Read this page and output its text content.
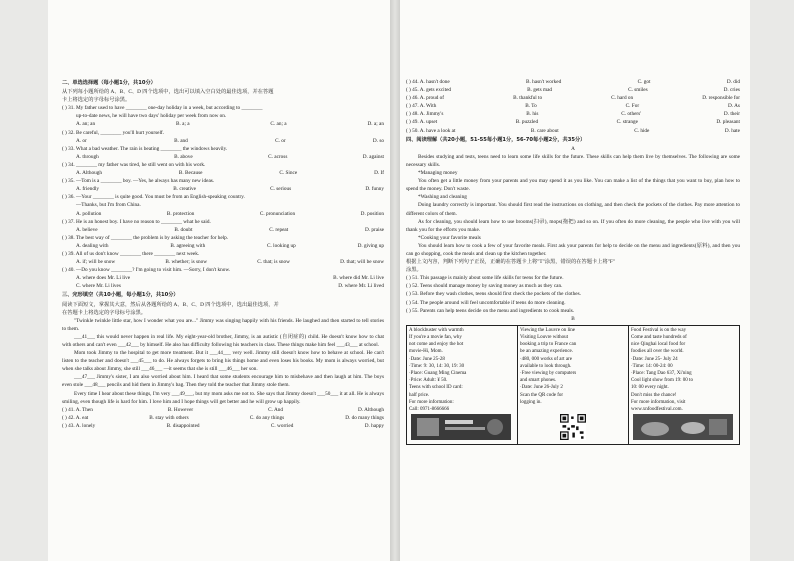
二、单选选择题（每小题1分，共10分）
从下列每小题所给的 A、B、C、D 四个选项中，选出可以填入空白处的最佳选项，并在答题
卡上将选定的字母标号涂黑。
( ) 31. My father used to have ________ one-day holiday in a week, but according to ________
up-to-date news, he will have two days' holiday per week from now on.
A. an; an	B. a; a	C. an; a	D. a; an
( ) 32. Be careful, ________ you'll hurt yourself.
A. or	B. and	C. or	D. so
( ) 33. What a bad weather. The rain is beating ________ the windows heavily.
A. through	B. above	C. across	D. against
( ) 34. ________ my father was tired, he still went on with his work.
A. Although	B. Because	C. Since	D. If
( ) 35. —Tom is a ________ boy. —Yes, he always has many new ideas.
A. friendly	B. creative	C. serious	D. funny
( ) 36. —Your ________ is quite good. You must be from an English-speaking country.
—Thanks, but I'm from China.
A. pollution	B. protection	C. pronunciation	D. position
( ) 37. He is an honest boy. I have no reason to ________ what he said.
A. believe	B. doubt	C. repeat	D. praise
( ) 38. The best way of ________ the problem is by asking the teacher for help.
A. dealing with	B. agreeing with	C. looking up	D. giving up
( ) 39. All of us don't know ________ there ________ next week.
A. if; will be snow	B. whether; is snow	C. that; is snow	D. that; will be snow
( ) 40. —Do you know ________? I'm going to visit him. —Sorry, I don't know.
A. where does Mr. Li live	B. where did Mr. Li live
C. where Mr. Li lives	D. where Mr. Li lived
三、完形填空（共10小题，每小题1分，共10分）
阅读下面短文，掌握其大意，然后从各题所给的 A、B、C、D 四个选项中，选出最佳选项，并
在答题卡上将选定的字母标号涂黑。
"Twinkle twinkle little star, how I wonder what you are..." Jimmy was singing happily with his friends. He laughed and then started to tell stories to them.
___41___ this would never happen in real life. My eight-year-old brother, Jimmy, is an autistic (自闭症的) child. He doesn't know how to chat with others and can't even ___42___ by himself. He also has difficulty following his teachers in class. These things make him feel ___43___ at school.
Mom took Jimmy to the hospital to get more treatment. But it ___44___ very well. Jimmy still doesn't know how to behave at school. He can't listen to the teacher and doesn't ___45___ to do. He always forgets to bring his things home and even loses his books. My mom is always worried, but when she talks about Jimmy, she still ___46___ —it seems that she is still ___46___ her son.
___47___ Jimmy's sister, I am also worried about him. I heard that some students encourage him to misbehave and then laugh at him. The boys even stole ___48___ pencils and hid them in Jimmy's bag. Then they told the teacher that Jimmy stole them.
Every time I hear about these things, I'm very ___49___, but my mom asks me not to. She says that Jimmy doesn't ___50___ it at all. He is always smiling, even though life is hard for him. I love him and I hope things will get better and he will grow up happily.
( ) 41. A. Then	B. However	C. And	D. Although
( ) 42. A. eat	B. stay with others	C. do any things	D. do many things
( ) 43. A. lonely	B. disappointed	C. worried	D. happy
( ) 44. A. hasn't done	B. hasn't worked	C. got	D. did
( ) 45. A. gets excited	B. gets mad	C. smiles	D. cries
( ) 46. A. proud of	B. thankful to	C. hard on	D. responsible for
( ) 47. A. With	B. To	C. For	D. As
( ) 48. A. Jimmy's	B. his	C. others'	D. their
( ) 49. A. upset	B. puzzled	C. strange	D. pleasant
( ) 50. A. have a look at	B. care about	C. hide	D. hate
四、阅读理解（共20小题，51-55每小题1分，56-70每小题2分，共35分）
A
Besides studying and tests, teens need to learn some life skills for the future. These skills can help them live by themselves. The following are some necessary skills.
*Managing money
You often get a little money from your parents and you may spend it as you like. You can make a list of the things that you want to buy, plan how to spend the money. Don't waste.
*Washing and cleaning
Doing laundry correctly is important. You should first read the instructions on clothing, and then check the pockets of the clothes. Pay more attention to different colors of them.
As for cleaning, you should learn how to use brooms(扫帚), mops(拖把) and so on. If you often do more cleaning, the people who live with you will thank you for the efforts you make.
*Cooking your favorite meals
You should learn how to cook a few of your favorite meals. First ask your parents for help to decide on the menu and ingredients(原料), and then you can go shopping, cook the meals and clean up the kitchen together.
根据上文内容，判断下列句子正误，正确的在答题卡上将"T"涂黑，错误的在答题卡上将"F"
涂黑。
( ) 51. This passage is mainly about some life skills for teens for the future.
( ) 52. Teens should manage money by saving money as much as they can.
( ) 53. Before they wash clothes, teens should first check the pockets of the clothes.
( ) 54. The people around will feel uncomfortable if teens do more cleaning.
( ) 55. Parents can help teens decide on the menu and ingredients to cook meals.
B
A blockbuster with warmth
If you're a movie fan, why
not come and enjoy the hot
movie-Hi, Mom.
·Date: June 25-28
·Time: 9: 30, 14: 30, 19: 30
·Place: Guang Ming Cinema
·Price: Adult: ¥ 50.
Teens with school ID card:
half price.
For more information:
Call: 0971-8666666
Viewing the Louvre on line
Visiting Louvre without
booking a trip to France can
be an amazing experience.
·480, 000 works of art are
available to look through.
·Free viewing by computers
and smart phones.
·Date: June 26-July 2
Scan the QR code for
logging in.
Food Festival is on the way
Come and taste hundreds of
nice Qinghai local food for
foodies all over the world.
·Date: June 25- July 24
·Time: 14: 00-24: 00
·Place: Tang Dao 637, Xi'ning
Cool light show from 19: 00 to
10: 00 every night.
Don't miss the chance!
For more information, visit
www.xnfoodfestival.com.
